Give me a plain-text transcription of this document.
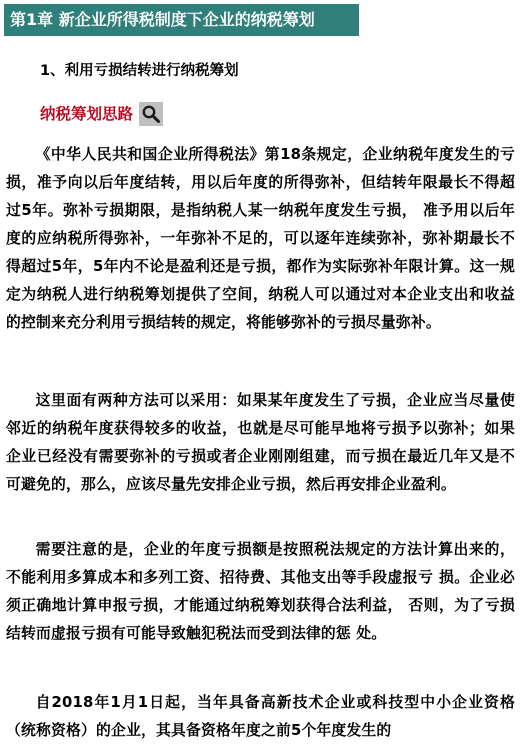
第1章 新企业所得税制度下企业的纳税筹划
1、利用亏损结转进行纳税筹划
纳税筹划思路

《中华人民共和国企业所得税法》第18条规定，企业纳税年度发生的亏损，准予向以后年度结转，用以后年度的所得弥补，但结转年限最长不得超过5年。弥补亏损期限，是指纳税人某一纳税年度发生亏损， 准予用以后年度的应纳税所得弥补，一年弥补不足的，可以逐年连续弥补，弥补期最长不得超过5年，5年内不论是盈利还是亏损，都作为实际弥补年限计算。这一规定为纳税人进行纳税筹划提供了空间，纳税人可以通过对本企业支出和收益的控制来充分利用亏损结转的规定，将能够弥补的亏损尽量弥补。

这里面有两种方法可以采用：如果某年度发生了亏损，企业应当尽量使邻近的纳税年度获得较多的收益，也就是尽可能早地将亏损予以弥补；如果企业已经没有需要弥补的亏损或者企业刚刚组建，而亏损在最近几年又是不可避免的，那么，应该尽量先安排企业亏损，然后再安排企业盈利。

需要注意的是，企业的年度亏损额是按照税法规定的方法计算出来的，不能利用多算成本和多列工资、招待费、其他支出等手段虚报亏 损。企业必须正确地计算申报亏损，才能通过纳税筹划获得合法利益， 否则，为了亏损结转而虚报亏损有可能导致触犯税法而受到法律的惩 处。

自2018年1月1日起，当年具备高新技术企业或科技型中小企业资格（统称资格）的企业，其具备资格年度之前5个年度发生的
